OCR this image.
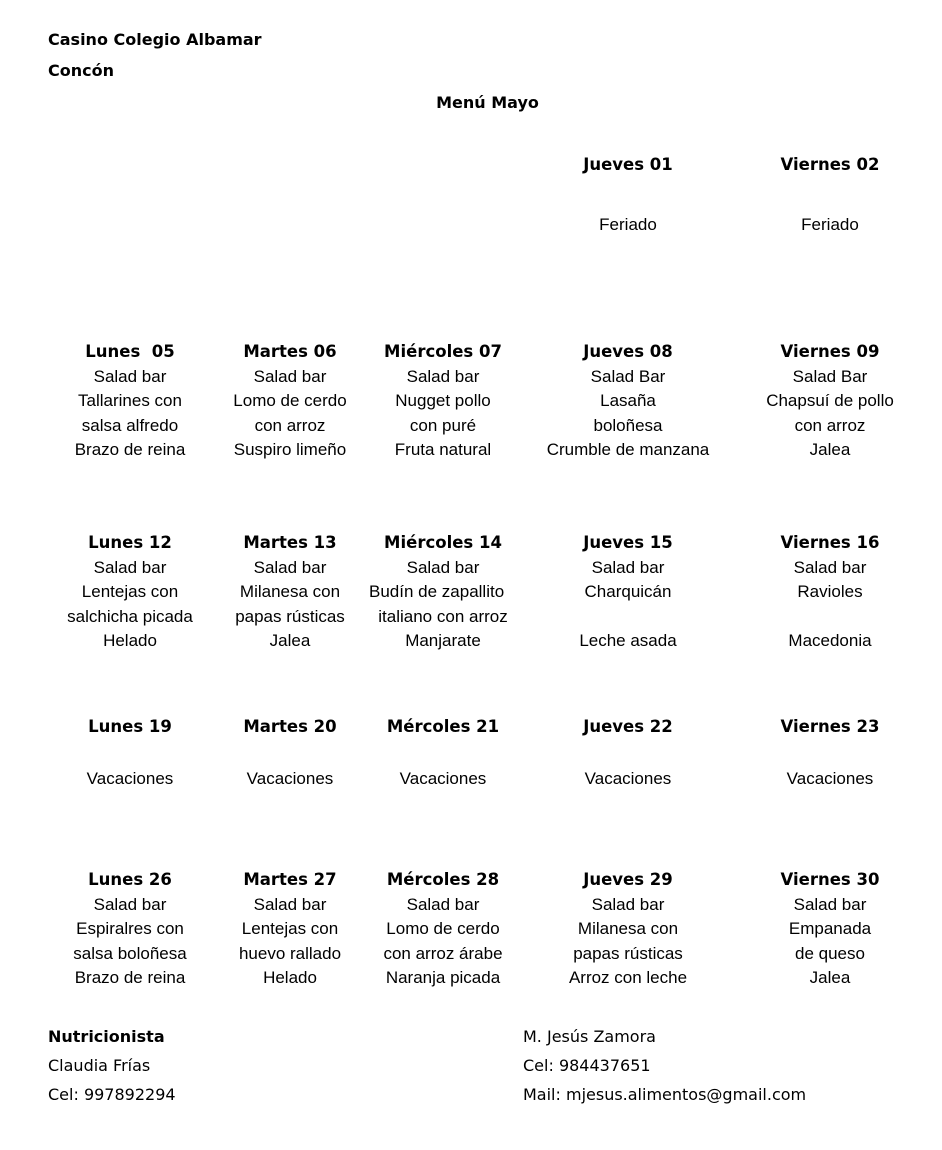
Casino Colegio Albamar
Concón
Menú Mayo
Jueves 01
Feriado
Viernes 02
Feriado
Lunes  05
Salad bar
Tallarines con
salsa alfredo
Brazo de reina
Martes 06
Salad bar
Lomo de cerdo
con arroz
Suspiro limeño
Miércoles 07
Salad bar
Nugget pollo
con puré
Fruta natural
Jueves 08
Salad Bar
Lasaña
boloñesa
Crumble de manzana
Viernes 09
Salad Bar
Chapsuí de pollo
con arroz
Jalea
Lunes 12
Salad bar
Lentejas con
salchicha picada
Helado
Martes 13
Salad bar
Milanesa con
papas rústicas
Jalea
Miércoles 14
Salad bar
Budín de zapallito
italiano con arroz
Manjarate
Jueves 15
Salad bar
Charquicán
Leche asada
Viernes 16
Salad bar
Ravioles
Macedonia
Lunes 19
Vacaciones
Martes 20
Vacaciones
Mércoles 21
Vacaciones
Jueves 22
Vacaciones
Viernes 23
Vacaciones
Lunes 26
Salad bar
Espiralres con
salsa boloñesa
Brazo de reina
Martes 27
Salad bar
Lentejas con
huevo rallado
Helado
Mércoles 28
Salad bar
Lomo de cerdo
con arroz árabe
Naranja picada
Jueves 29
Salad bar
Milanesa con
papas rústicas
Arroz con leche
Viernes 30
Salad bar
Empanada
de queso
Jalea
Nutricionista
Claudia Frías
Cel: 997892294
M. Jesús Zamora
Cel: 984437651
Mail: mjesus.alimentos@gmail.com
